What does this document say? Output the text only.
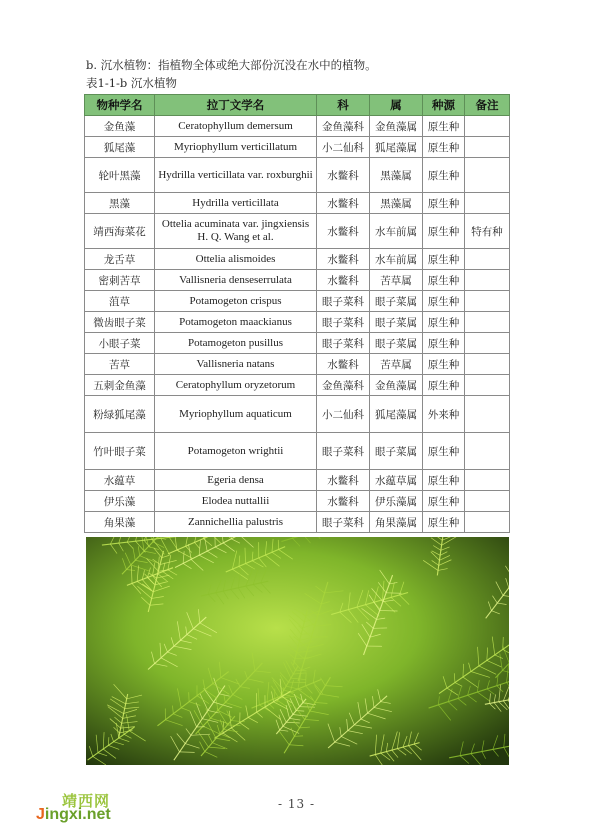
b. 沉水植物：指植物全体或绝大部份沉没在水中的植物。
表1-1-b 沉水植物
物种学名	拉丁文学名	科	属	种源	备注
金鱼藻	Ceratophyllum demersum	金鱼藻科	金鱼藻属	原生种	
狐尾藻	Myriophyllum verticillatum	小二仙科	狐尾藻属	原生种	
轮叶黑藻	Hydrilla verticillata var. roxburghii	水鳖科	黑藻属	原生种	
黑藻	Hydrilla verticillata	水鳖科	黑藻属	原生种	
靖西海菜花	Ottelia acuminata var. jingxiensis H. Q. Wang et al.	水鳖科	水车前属	原生种	特有种
龙舌草	Ottelia alismoides	水鳖科	水车前属	原生种	
密刺苦草	Vallisneria denseserrulata	水鳖科	苦草属	原生种	
菹草	Potamogeton crispus	眼子菜科	眼子菜属	原生种	
微齿眼子菜	Potamogeton maackianus	眼子菜科	眼子菜属	原生种	
小眼子菜	Potamogeton pusillus	眼子菜科	眼子菜属	原生种	
苦草	Vallisneria natans	水鳖科	苦草属	原生种	
五刺金鱼藻	Ceratophyllum oryzetorum	金鱼藻科	金鱼藻属	原生种	
粉绿狐尾藻	Myriophyllum aquaticum	小二仙科	狐尾藻属	外来种	
竹叶眼子菜	Potamogeton wrightii	眼子菜科	眼子菜属	原生种	
水蕴草	Egeria densa	水鳖科	水蕴草属	原生种	
伊乐藻	Elodea nuttallii	水鳖科	伊乐藻属	原生种	
角果藻	Zannichellia palustris	眼子菜科	角果藻属	原生种	
- 13 -
靖西网
Jingxi.net
